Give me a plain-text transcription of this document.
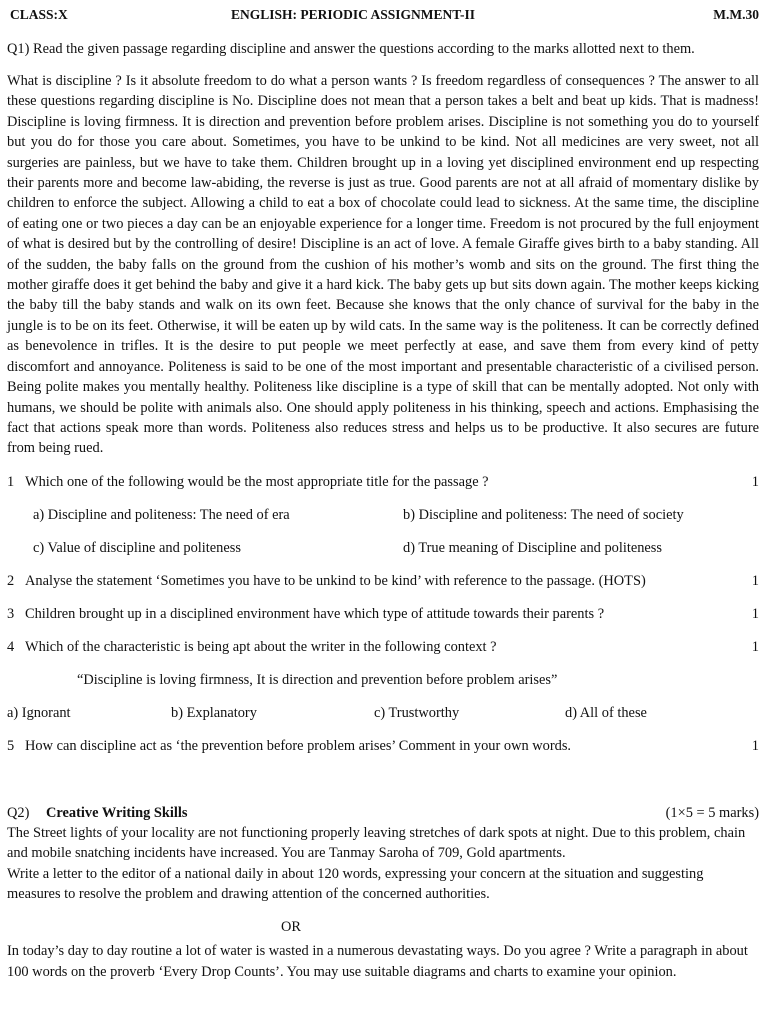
CLASS:X	ENGLISH: PERIODIC ASSIGNMENT-II	M.M.30
Q1) Read the given passage regarding discipline and answer the questions according to the marks allotted next to them.
What is discipline ? Is it absolute freedom to do what a person wants ? Is freedom regardless of consequences ? The answer to all these questions regarding discipline is No. Discipline does not mean that a person takes a belt and beat up kids. That is madness! Discipline is loving firmness. It is direction and prevention before problem arises. Discipline is not something you do to yourself but you do for those you care about. Sometimes, you have to be unkind to be kind. Not all medicines are very sweet, not all surgeries are painless, but we have to take them. Children brought up in a loving yet disciplined environment end up respecting their parents more and become law-abiding, the reverse is just as true. Good parents are not at all afraid of momentary dislike by children to enforce the subject. Allowing a child to eat a box of chocolate could lead to sickness. At the same time, the discipline of eating one or two pieces a day can be an enjoyable experience for a longer time. Freedom is not procured by the full enjoyment of what is desired but by the controlling of desire! Discipline is an act of love. A female Giraffe gives birth to a baby standing. All of the sudden, the baby falls on the ground from the cushion of his mother’s womb and sits on the ground. The first thing the mother giraffe does it get behind the baby and give it a hard kick. The baby gets up but sits down again. The mother keeps kicking the baby till the baby stands and walk on its own feet. Because she knows that the only chance of survival for the baby in the jungle is to be on its feet. Otherwise, it will be eaten up by wild cats. In the same way is the politeness. It can be correctly defined as benevolence in trifles. It is the desire to put people we meet perfectly at ease, and save them from every kind of petty discomfort and annoyance. Politeness is said to be one of the most important and presentable characteristic of a civilised person. Being polite makes you mentally healthy. Politeness like discipline is a type of skill that can be mentally adopted. Not only with humans, we should be polite with animals also. One should apply politeness in his thinking, speech and actions. Emphasising the fact that actions speak more than words. Politeness also reduces stress and helps us to be productive. It also secures are future from being rued.
1 Which one of the following would be the most appropriate title for the passage ?	1
a) Discipline and politeness: The need of era	b) Discipline and politeness: The need of society
c) Value of discipline and politeness	d) True meaning of Discipline and politeness
2 Analyse the statement ‘Sometimes you have to be unkind to be kind’ with reference to the passage. (HOTS)	1
3 Children brought up in a disciplined environment have which type of attitude towards their parents ?	1
4 Which of the characteristic is being apt about the writer in the following context ?	1
“Discipline is loving firmness, It is direction and prevention before problem arises”
a) Ignorant	b) Explanatory	c) Trustworthy	d) All of these
5 How can discipline act as ‘the prevention before problem arises’ Comment in your own words.	1
Q2) Creative Writing Skills	(1×5 = 5 marks)
The Street lights of your locality are not functioning properly leaving stretches of dark spots at night. Due to this problem, chain and mobile snatching incidents have increased. You are Tanmay Saroha of 709, Gold apartments.
Write a letter to the editor of a national daily in about 120 words, expressing your concern at the situation and suggesting measures to resolve the problem and drawing attention of the concerned authorities.
OR
In today’s day to day routine a lot of water is wasted in a numerous devastating ways. Do you agree ? Write a paragraph in about 100 words on the proverb ‘Every Drop Counts’. You may use suitable diagrams and charts to examine your opinion.
